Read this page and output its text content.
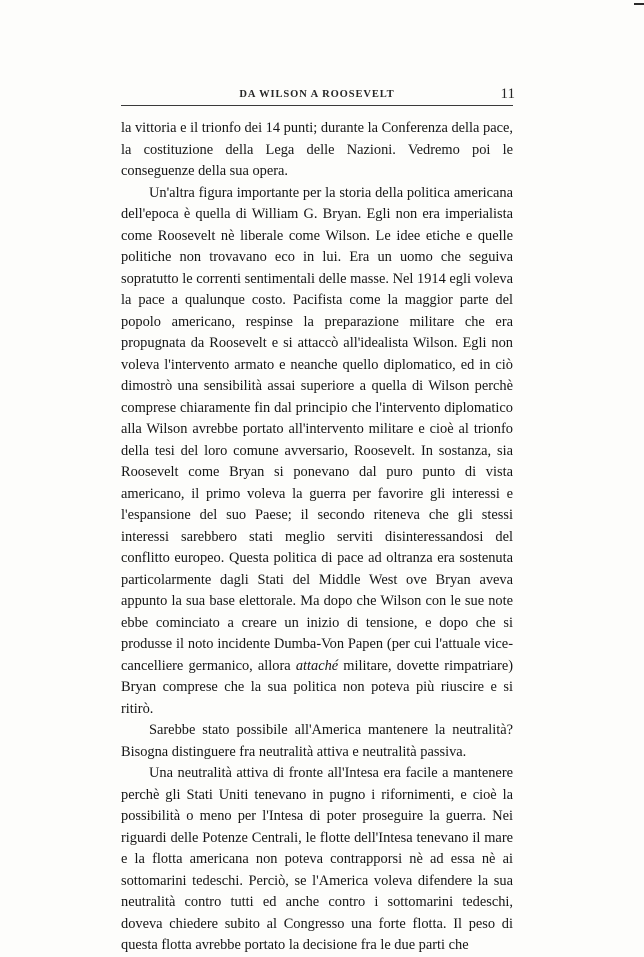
DA WILSON A ROOSEVELT	11

la vittoria e il trionfo dei 14 punti; durante la Conferenza della pace, la costituzione della Lega delle Nazioni. Vedremo poi le conseguenze della sua opera.

Un'altra figura importante per la storia della politica americana dell'epoca è quella di William G. Bryan. Egli non era imperialista come Roosevelt nè liberale come Wilson. Le idee etiche e quelle politiche non trovavano eco in lui. Era un uomo che seguiva sopratutto le correnti sentimentali delle masse. Nel 1914 egli voleva la pace a qualunque costo. Pacifista come la maggior parte del popolo americano, respinse la preparazione militare che era propugnata da Roosevelt e si attaccò all'idealista Wilson. Egli non voleva l'intervento armato e neanche quello diplomatico, ed in ciò dimostrò una sensibilità assai superiore a quella di Wilson perchè comprese chiaramente fin dal principio che l'intervento diplomatico alla Wilson avrebbe portato all'intervento militare e cioè al trionfo della tesi del loro comune avversario, Roosevelt. In sostanza, sia Roosevelt come Bryan si ponevano dal puro punto di vista americano, il primo voleva la guerra per favorire gli interessi e l'espansione del suo Paese; il secondo riteneva che gli stessi interessi sarebbero stati meglio serviti disinteressandosi del conflitto europeo. Questa politica di pace ad oltranza era sostenuta particolarmente dagli Stati del Middle West ove Bryan aveva appunto la sua base elettorale. Ma dopo che Wilson con le sue note ebbe cominciato a creare un inizio di tensione, e dopo che si produsse il noto incidente Dumba-Von Papen (per cui l'attuale vice-cancelliere germanico, allora attaché militare, dovette rimpatriare) Bryan comprese che la sua politica non poteva più riuscire e si ritirò.

Sarebbe stato possibile all'America mantenere la neutralità? Bisogna distinguere fra neutralità attiva e neutralità passiva.

Una neutralità attiva di fronte all'Intesa era facile a mantenere perchè gli Stati Uniti tenevano in pugno i rifornimenti, e cioè la possibilità o meno per l'Intesa di poter proseguire la guerra. Nei riguardi delle Potenze Centrali, le flotte dell'Intesa tenevano il mare e la flotta americana non poteva contrapporsi nè ad essa nè ai sottomarini tedeschi. Perciò, se l'America voleva difendere la sua neutralità contro tutti ed anche contro i sottomarini tedeschi, doveva chiedere subito al Congresso una forte flotta. Il peso di questa flotta avrebbe portato la decisione fra le due parti che
